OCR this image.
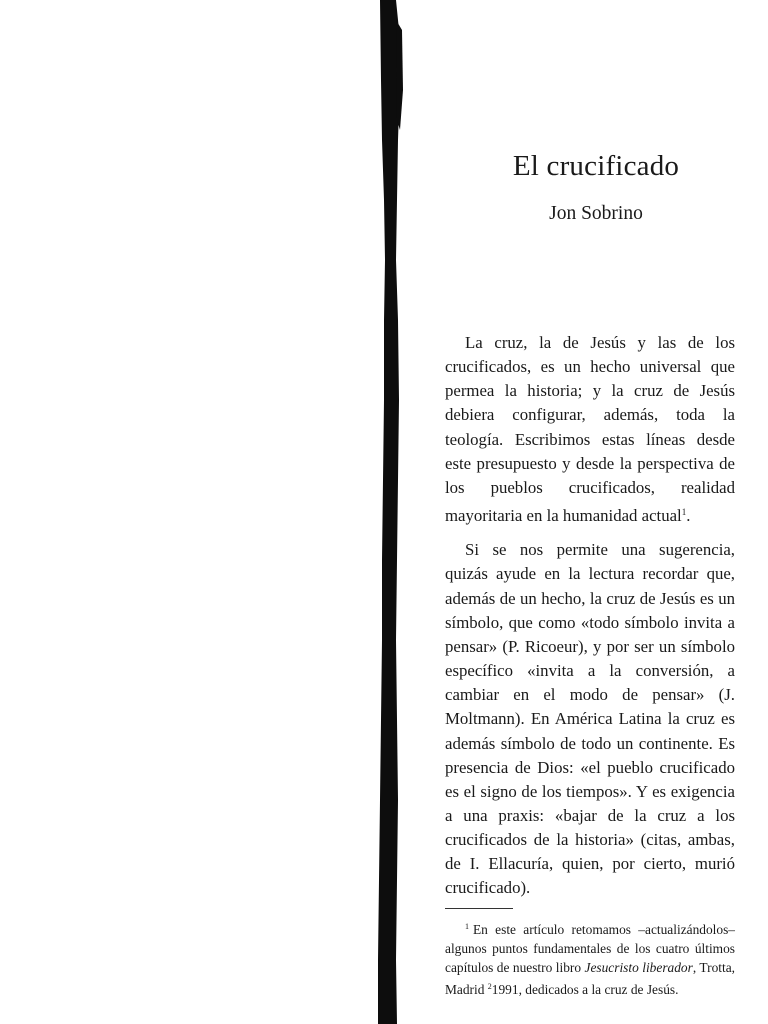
El crucificado
Jon Sobrino

La cruz, la de Jesús y las de los crucificados, es un hecho universal que permea la historia; y la cruz de Jesús debiera configurar, además, toda la teología. Escribimos estas líneas desde este presupuesto y desde la perspectiva de los pueblos crucificados, realidad mayoritaria en la humanidad actual$^1$.

Si se nos permite una sugerencia, quizás ayude en la lectura recordar que, además de un hecho, la cruz de Jesús es un símbolo, que como «todo símbolo invita a pensar» (P. Ricoeur), y por ser un símbolo específico «invita a la conversión, a cambiar en el modo de pensar» (J. Moltmann). En América Latina la cruz es además símbolo de todo un continente. Es presencia de Dios: «el pueblo crucificado es el signo de los tiempos». Y es exigencia a una praxis: «bajar de la cruz a los crucificados de la historia» (citas, ambas, de I. Ellacuría, quien, por cierto, murió crucificado).

$^1$ En este artículo retomamos –actualizándolos– algunos puntos fundamentales de los cuatro últimos capítulos de nuestro libro Jesucristo liberador, Trotta, Madrid $^2$1991, dedicados a la cruz de Jesús.
